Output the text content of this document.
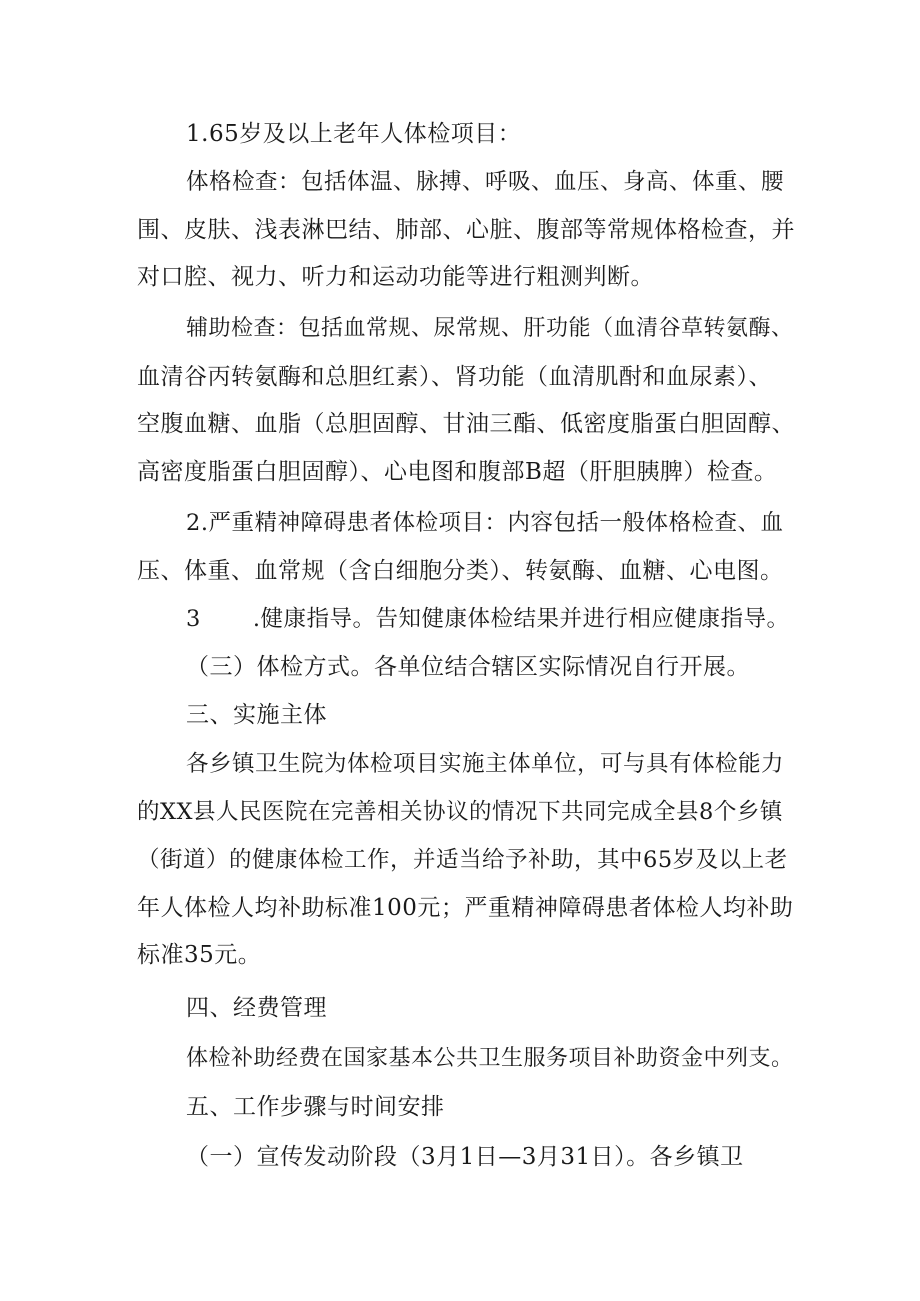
1.65岁及以上老年人体检项目：
体格检查：包括体温、脉搏、呼吸、血压、身高、体重、腰
围、皮肤、浅表淋巴结、肺部、心脏、腹部等常规体格检查，并
对口腔、视力、听力和运动功能等进行粗测判断。
辅助检查：包括血常规、尿常规、肝功能（血清谷草转氨酶、
血清谷丙转氨酶和总胆红素）、肾功能（血清肌酎和血尿素）、
空腹血糖、血脂（总胆固醇、甘油三酯、低密度脂蛋白胆固醇、
高密度脂蛋白胆固醇）、心电图和腹部B超（肝胆胰脾）检查。
2.严重精神障碍患者体检项目：内容包括一般体格检查、血
压、体重、血常规（含白细胞分类）、转氨酶、血糖、心电图。
3 .健康指导。告知健康体检结果并进行相应健康指导。
（三）体检方式。各单位结合辖区实际情况自行开展。
三、实施主体
各乡镇卫生院为体检项目实施主体单位，可与具有体检能力
的XX县人民医院在完善相关协议的情况下共同完成全县8个乡镇
（街道）的健康体检工作，并适当给予补助，其中65岁及以上老
年人体检人均补助标准100元；严重精神障碍患者体检人均补助
标准35元。
四、经费管理
体检补助经费在国家基本公共卫生服务项目补助资金中列支。
五、工作步骤与时间安排
（一）宣传发动阶段（3月1日—3月31日）。各乡镇卫
